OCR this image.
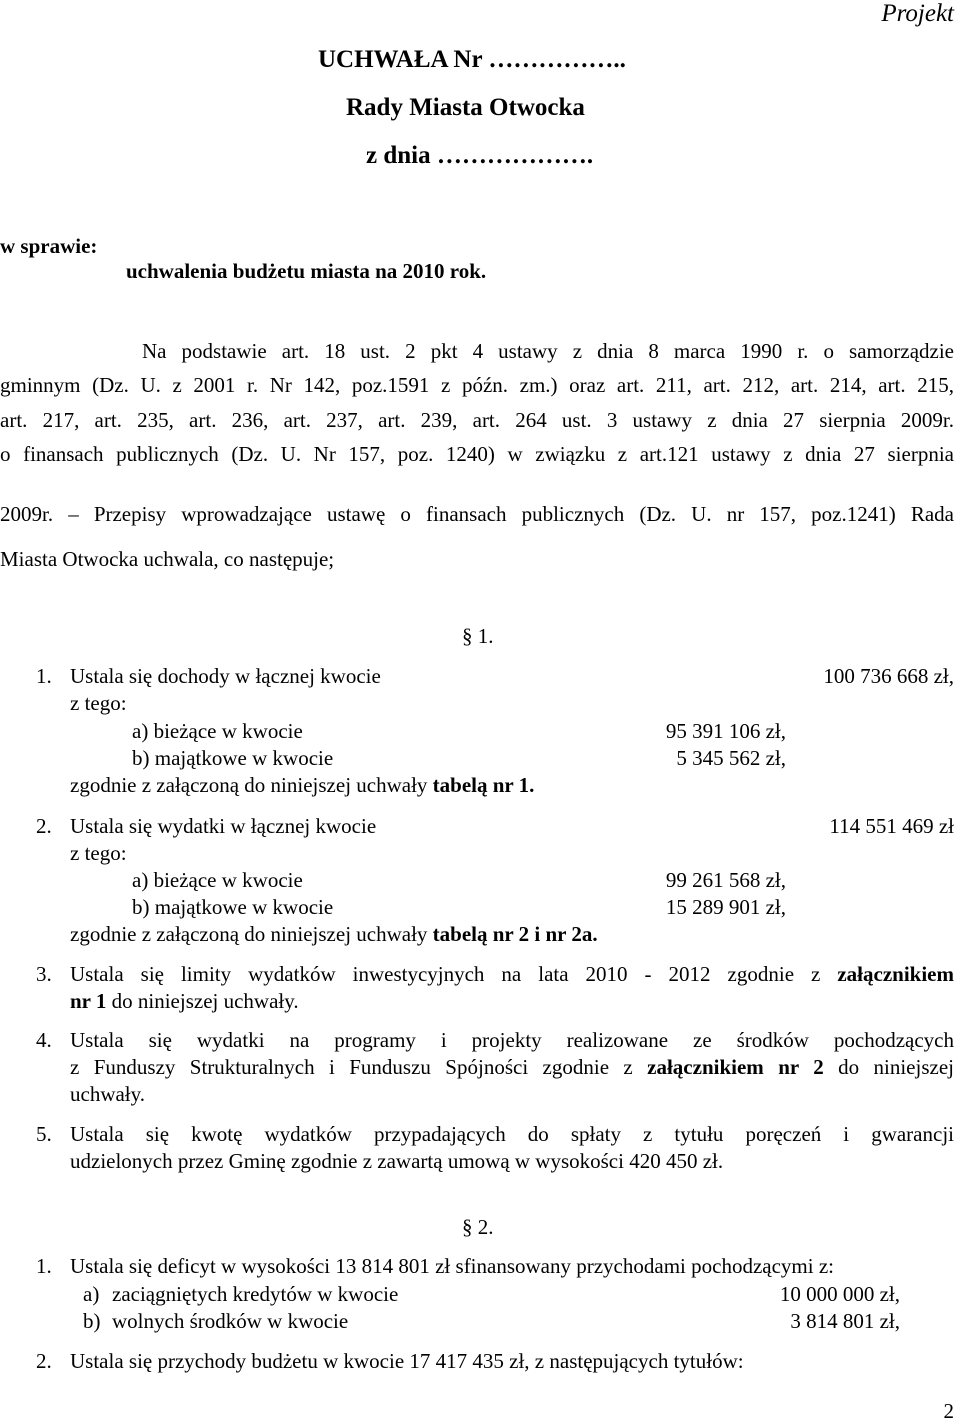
Projekt
UCHWAŁA Nr ……………..
Rady Miasta Otwocka
z dnia ……………….
w sprawie:
uchwalenia budżetu miasta na 2010 rok.
Na podstawie art. 18 ust. 2 pkt 4 ustawy z dnia 8 marca 1990 r. o samorządzie
gminnym (Dz. U. z 2001 r. Nr 142, poz.1591 z późn. zm.) oraz art. 211, art. 212, art. 214, art. 215,
art. 217, art. 235, art. 236, art. 237, art. 239, art. 264 ust. 3 ustawy z dnia 27 sierpnia 2009r.
o finansach publicznych (Dz. U. Nr 157, poz. 1240) w związku z art.121 ustawy z dnia 27 sierpnia
2009r. – Przepisy wprowadzające ustawę o finansach publicznych (Dz. U. nr 157, poz.1241) Rada
Miasta Otwocka uchwala, co następuje;
§ 1.
1. Ustala się dochody w łącznej kwocie	100 736 668 zł,
z tego:
a) bieżące w kwocie	95 391 106 zł,
b) majątkowe w kwocie	5 345 562 zł,
zgodnie z załączoną do niniejszej uchwały tabelą nr 1.
2. Ustala się wydatki w łącznej kwocie	114 551 469 zł
z tego:
a) bieżące w kwocie	99 261 568 zł,
b) majątkowe w kwocie	15 289 901 zł,
zgodnie z załączoną do niniejszej uchwały tabelą nr 2 i nr 2a.
3. Ustala się limity wydatków inwestycyjnych na lata 2010 - 2012 zgodnie z załącznikiem
nr 1 do niniejszej uchwały.
4. Ustala się wydatki na programy i projekty realizowane ze środków pochodzących
z Funduszy Strukturalnych i Funduszu Spójności zgodnie z załącznikiem nr 2 do niniejszej
uchwały.
5. Ustala się kwotę wydatków przypadających do spłaty z tytułu poręczeń i gwarancji
udzielonych przez Gminę zgodnie z zawartą umową w wysokości 420 450 zł.
§ 2.
1. Ustala się deficyt w wysokości 13 814 801 zł sfinansowany przychodami pochodzącymi z:
a) zaciągniętych kredytów w kwocie	10 000 000 zł,
b) wolnych środków w kwocie	3 814 801 zł,
2. Ustala się przychody budżetu w kwocie 17 417 435 zł, z następujących tytułów:
2
